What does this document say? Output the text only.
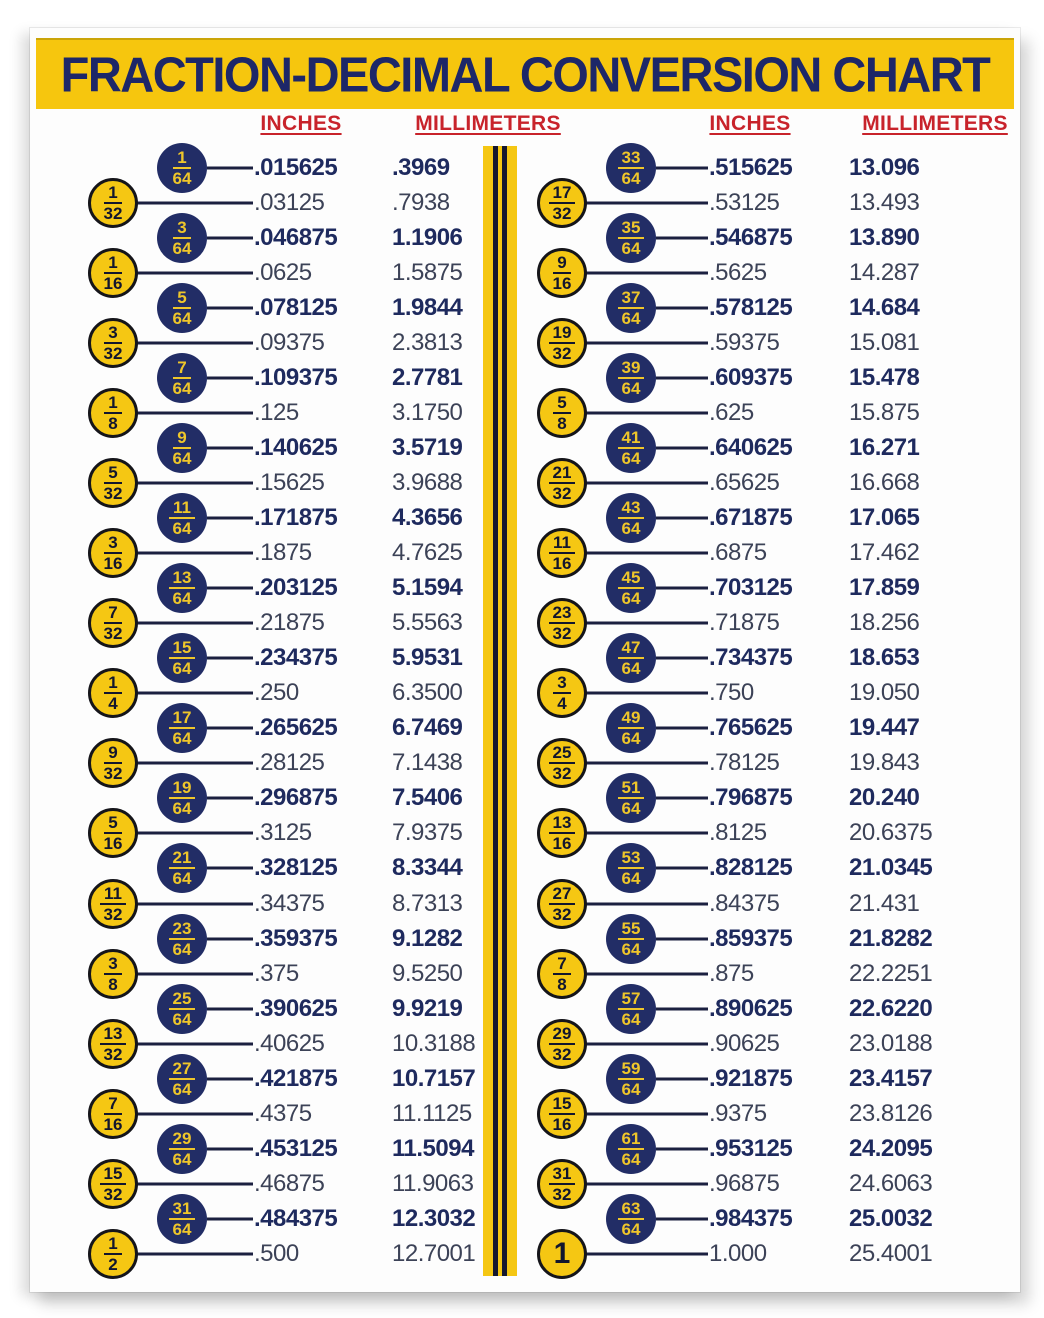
FRACTION-DECIMAL CONVERSION CHART
INCHES	MILLIMETERS	INCHES	MILLIMETERS
$\frac{1}{64} .015625$ .3969
$\frac{1}{32}$	.03125	.7938
$\frac{3}{64} .046875$ 1.1906
$\frac{1}{16}$	.0625	1.5875
$\frac{5}{64} .078125$ 1.9844
$\frac{3}{32}$	.09375	2.3813
$\frac{7}{64} .109375$ 2.7781
$\frac{1}{8}$	.125	3.1750
$\frac{9}{64} .140625$ 3.5719
$\frac{5}{32}$	.15625	3.9688
$\frac{11}{64} .171875$ 4.3656
$\frac{3}{16}$	.1875	4.7625
$\frac{13}{64} .203125$ 5.1594
$\frac{7}{32}$	.21875	5.5563
$\frac{15}{64} .234375$ 5.9531
$\frac{1}{4}$	.250	6.3500
$\frac{17}{64} .265625$ 6.7469
$\frac{9}{32}$	.28125	7.1438
$\frac{19}{64} .296875$ 7.5406
$\frac{5}{16}$	.3125	7.9375
$\frac{21}{64} .328125$ 8.3344
$\frac{11}{32}$	.34375	8.7313
$\frac{23}{64} .359375$ 9.1282
$\frac{3}{8}$	.375	9.5250
$\frac{25}{64} .390625$ 9.9219
$\frac{13}{32}$	.40625	10.3188
$\frac{27}{64} .421875$ 10.7157
$\frac{7}{16}$	.4375	11.1125
$\frac{29}{64} .453125$ 11.5094
$\frac{15}{32}$	.46875	11.9063
$\frac{31}{64} .484375$ 12.3032
$\frac{1}{2}$	.500	12.7001
$\frac{33}{64} .515625$ 13.096
$\frac{17}{32}$	.53125	13.493
$\frac{35}{64} .546875$ 13.890
$\frac{9}{16}$	.5625	14.287
$\frac{37}{64} .578125$ 14.684
$\frac{19}{32}$	.59375	15.081
$\frac{39}{64} .609375$ 15.478
$\frac{5}{8}$	.625	15.875
$\frac{41}{64} .640625$ 16.271
$\frac{21}{32}$	.65625	16.668
$\frac{43}{64} .671875$ 17.065
$\frac{11}{16}$	.6875	17.462
$\frac{45}{64} .703125$ 17.859
$\frac{23}{32}$	.71875	18.256
$\frac{47}{64} .734375$ 18.653
$\frac{3}{4}$	.750	19.050
$\frac{49}{64} .765625$ 19.447
$\frac{25}{32}$	.78125	19.843
$\frac{51}{64} .796875$ 20.240
$\frac{13}{16}$	.8125	20.6375
$\frac{53}{64} .828125$ 21.0345
$\frac{27}{32}$	.84375	21.431
$\frac{55}{64} .859375$ 21.8282
$\frac{7}{8}$	.875	22.2251
$\frac{57}{64} .890625$ 22.6220
$\frac{29}{32}$	.90625	23.0188
$\frac{59}{64} .921875$ 23.4157
$\frac{15}{16}$	.9375	23.8126
$\frac{61}{64} .953125$ 24.2095
$\frac{31}{32}$	.96875	24.6063
$\frac{63}{64} .984375$ 25.0032
1	1.000	25.4001
